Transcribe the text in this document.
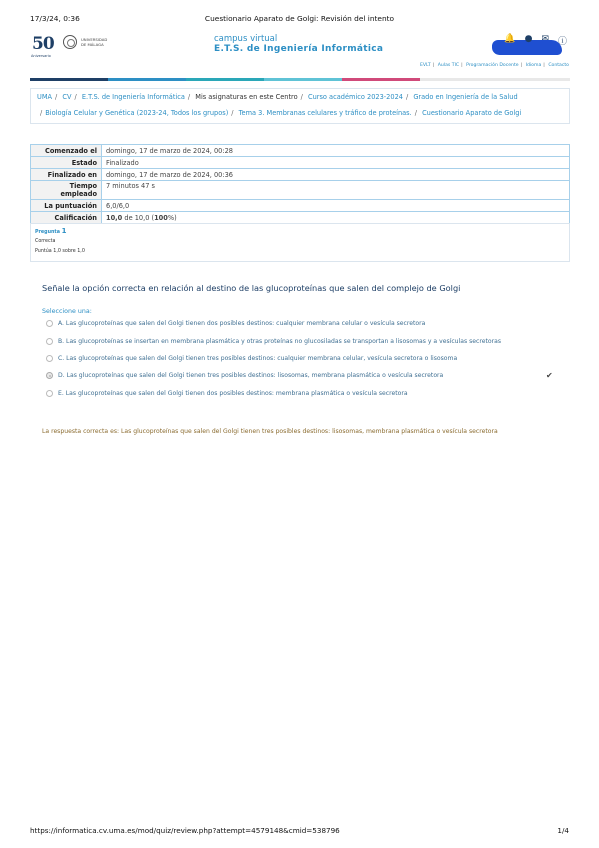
17/3/24, 0:36	Cuestionario Aparato de Golgi: Revisión del intento
50
Aniversario
UNIVERSIDAD
DE MÁLAGA	campus virtual
E.T.S. de Ingeniería Informática
🔔 ● ✉ ⓘ
EVLT | Aulas TIC | Programación Docente | Idioma | Contacto
UMA / CV / E.T.S. de Ingeniería Informática / Mis asignaturas en este Centro / Curso académico 2023-2024 / Grado en Ingeniería de la Salud
/ Biología Celular y Genética (2023-24, Todos los grupos) / Tema 3. Membranas celulares y tráfico de proteínas. / Cuestionario Aparato de Golgi
Comenzado el	domingo, 17 de marzo de 2024, 00:28
Estado	Finalizado
Finalizado en	domingo, 17 de marzo de 2024, 00:36
Tiempo empleado	7 minutos 47 s
La puntuación	6,0/6,0
Calificación	10,0 de 10,0 (100%)
Pregunta 1
Correcta
Puntúa 1,0 sobre 1,0
Señale la opción correcta en relación al destino de las glucoproteínas que salen del complejo de Golgi
Seleccione una:
A. Las glucoproteínas que salen del Golgi tienen dos posibles destinos: cualquier membrana celular o vesícula secretora
B. Las glucoproteínas se insertan en membrana plasmática y otras proteínas no glucosiladas se transportan a lisosomas y a vesículas secretoras
C. Las glucoproteínas que salen del Golgi tienen tres posibles destinos: cualquier membrana celular, vesícula secretora o lisosoma
D. Las glucoproteínas que salen del Golgi tienen tres posibles destinos: lisosomas, membrana plasmática o vesícula secretora
E. Las glucoproteínas que salen del Golgi tienen dos posibles destinos: membrana plasmática o vesícula secretora
✔
La respuesta correcta es: Las glucoproteínas que salen del Golgi tienen tres posibles destinos: lisosomas, membrana plasmática o vesícula secretora
https://informatica.cv.uma.es/mod/quiz/review.php?attempt=4579148&cmid=538796	1/4
